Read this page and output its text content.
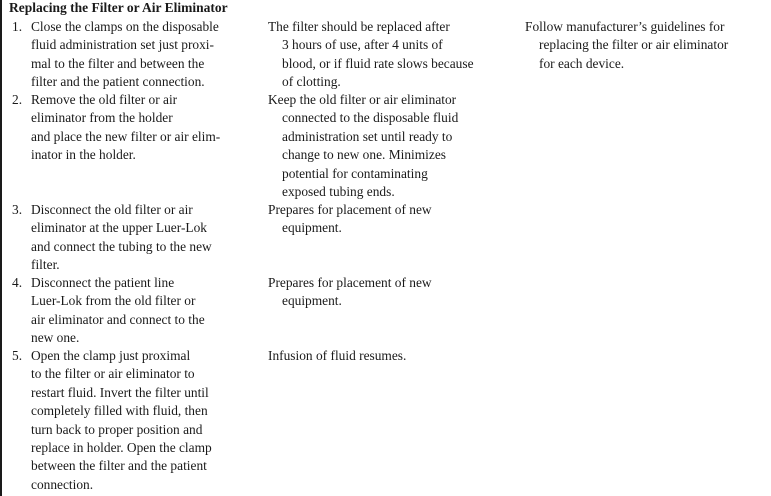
Replacing the Filter or Air Eliminator
1. Close the clamps on the disposable
fluid administration set just proxi-
mal to the filter and between the
filter and the patient connection.
The filter should be replaced after
3 hours of use, after 4 units of
blood, or if fluid rate slows because
of clotting.
Follow manufacturer’s guidelines for
replacing the filter or air eliminator
for each device.
2. Remove the old filter or air
eliminator from the holder
and place the new filter or air elim-
inator in the holder.
Keep the old filter or air eliminator
connected to the disposable fluid
administration set until ready to
change to new one. Minimizes
potential for contaminating
exposed tubing ends.
3. Disconnect the old filter or air
eliminator at the upper Luer-Lok
and connect the tubing to the new
filter.
Prepares for placement of new
equipment.
4. Disconnect the patient line
Luer-Lok from the old filter or
air eliminator and connect to the
new one.
Prepares for placement of new
equipment.
5. Open the clamp just proximal
to the filter or air eliminator to
restart fluid. Invert the filter until
completely filled with fluid, then
turn back to proper position and
replace in holder. Open the clamp
between the filter and the patient
connection.
Infusion of fluid resumes.
